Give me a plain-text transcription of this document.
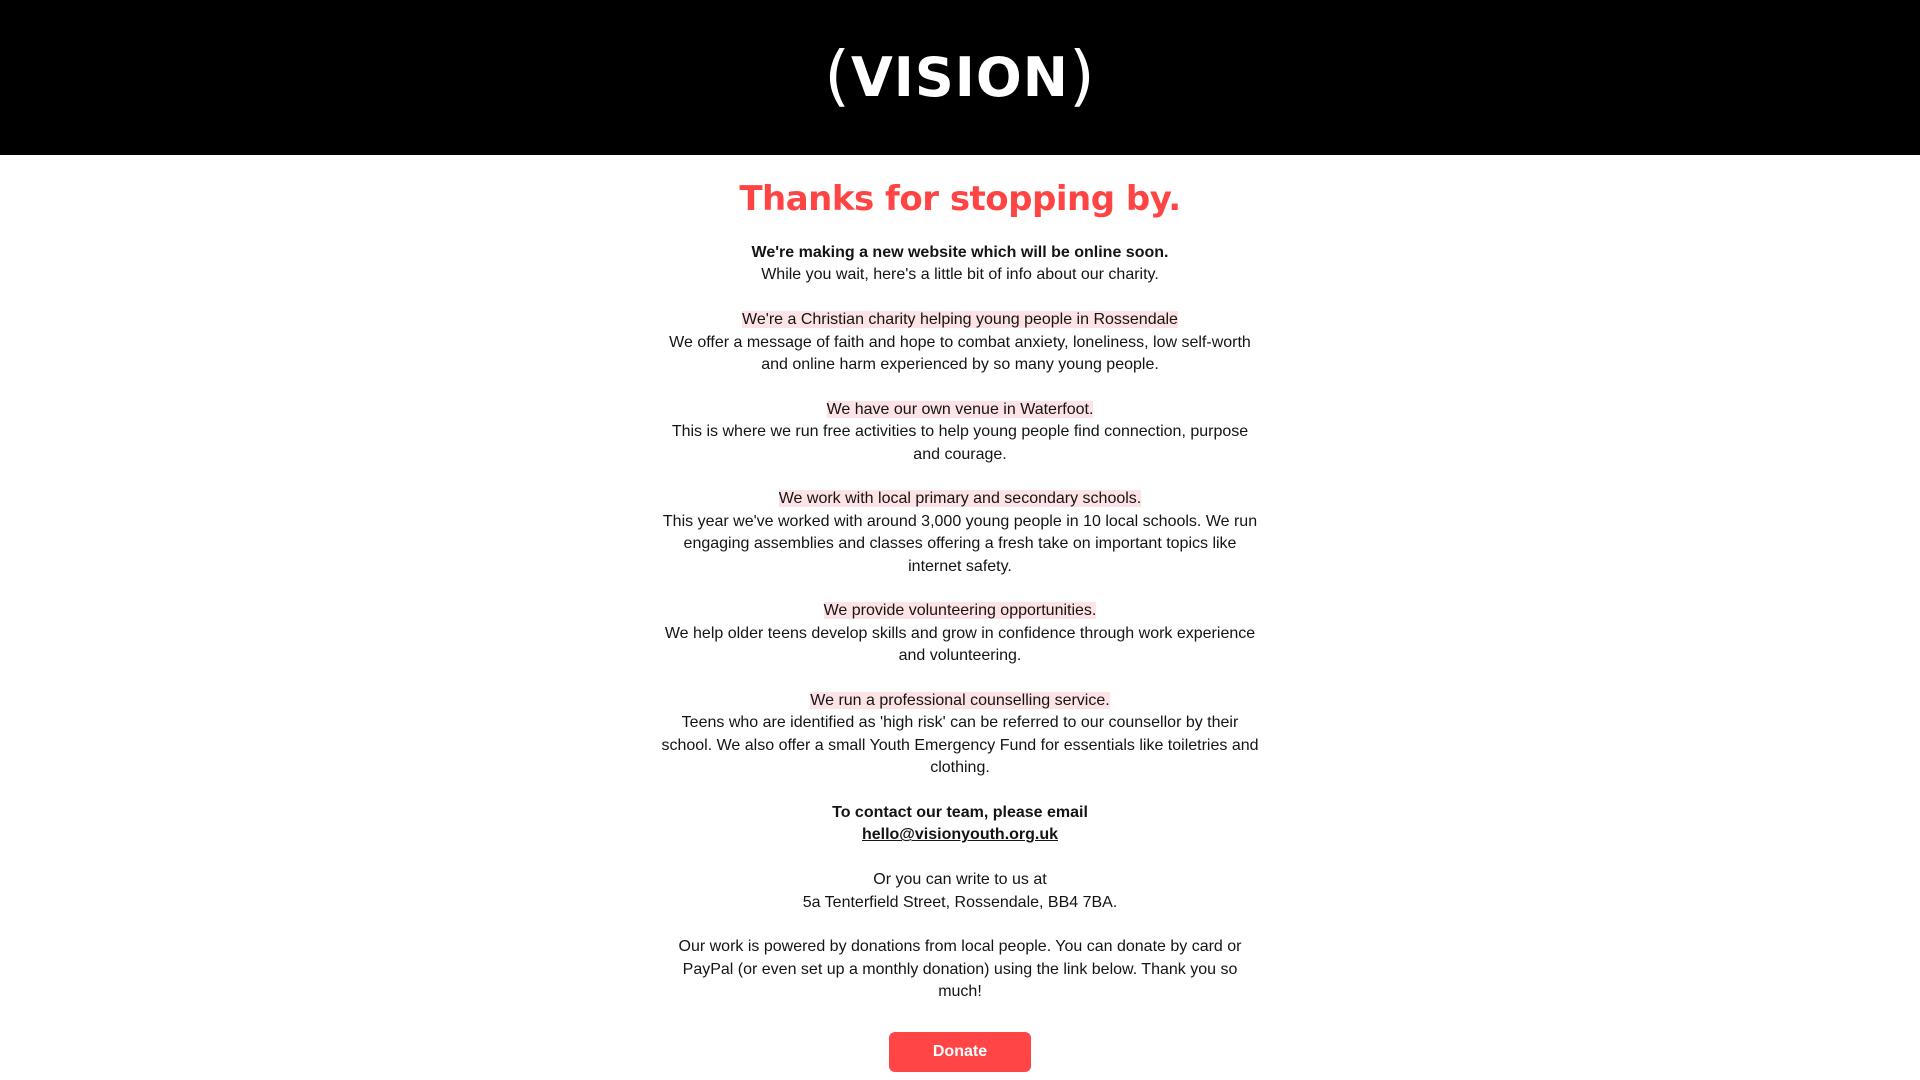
(VISION)
Thanks for stopping by.
We're making a new website which will be online soon.
While you wait, here's a little bit of info about our charity.
We're a Christian charity helping young people in Rossendale
We offer a message of faith and hope to combat anxiety, loneliness, low self-worth and online harm experienced by so many young people.
We have our own venue in Waterfoot.
This is where we run free activities to help young people find connection, purpose and courage.
We work with local primary and secondary schools.
This year we've worked with around 3,000 young people in 10 local schools. We run engaging assemblies and classes offering a fresh take on important topics like internet safety.
We provide volunteering opportunities.
We help older teens develop skills and grow in confidence through work experience and volunteering.
We run a professional counselling service.
Teens who are identified as 'high risk' can be referred to our counsellor by their school. We also offer a small Youth Emergency Fund for essentials like toiletries and clothing.
To contact our team, please email
hello@visionyouth.org.uk
Or you can write to us at
5a Tenterfield Street, Rossendale, BB4 7BA.
Our work is powered by donations from local people. You can donate by card or PayPal (or even set up a monthly donation) using the link below. Thank you so much!
Donate
